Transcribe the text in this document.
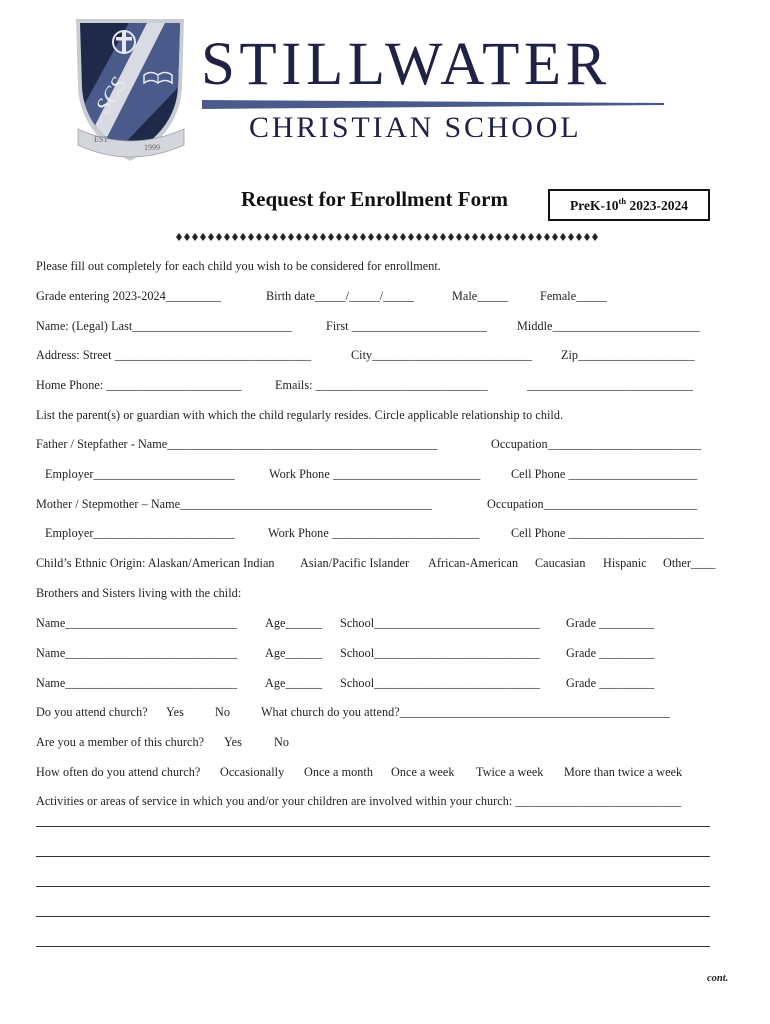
SCS
EST
1999
STILLWATER
CHRISTIAN SCHOOL
Request for Enrollment Form	PreK-10th 2023-2024
Please fill out completely for each child you wish to be considered for enrollment.
Grade entering 2023-2024_________	Birth date_____/_____/_____	Male_____	Female_____
Name: (Legal) Last__________________________	First ______________________ Middle________________________
Address: Street ________________________________	City__________________________ Zip___________________
Home Phone: ______________________	Emails: ____________________________	___________________________
List the parent(s) or guardian with which the child regularly resides. Circle applicable relationship to child.
Father / Stepfather - Name____________________________________________	Occupation_________________________
Employer_______________________	Work Phone ________________________	Cell Phone _____________________
Mother / Stepmother – Name_________________________________________	Occupation_________________________
Employer_______________________	Work Phone ________________________	Cell Phone ______________________
Child’s Ethnic Origin: Alaskan/American Indian Asian/Pacific Islander African-American Caucasian Hispanic Other____
Brothers and Sisters living with the child:
Name____________________________ Age______ School___________________________ Grade _________
Name____________________________ Age______ School___________________________ Grade _________
Name____________________________ Age______ School___________________________ Grade _________
Do you attend church? Yes	No	What church do you attend?____________________________________________
Are you a member of this church? Yes	No
How often do you attend church? Occasionally Once a month Once a week Twice a week More than twice a week
Activities or areas of service in which you and/or your children are involved within your church: ___________________________
cont.
